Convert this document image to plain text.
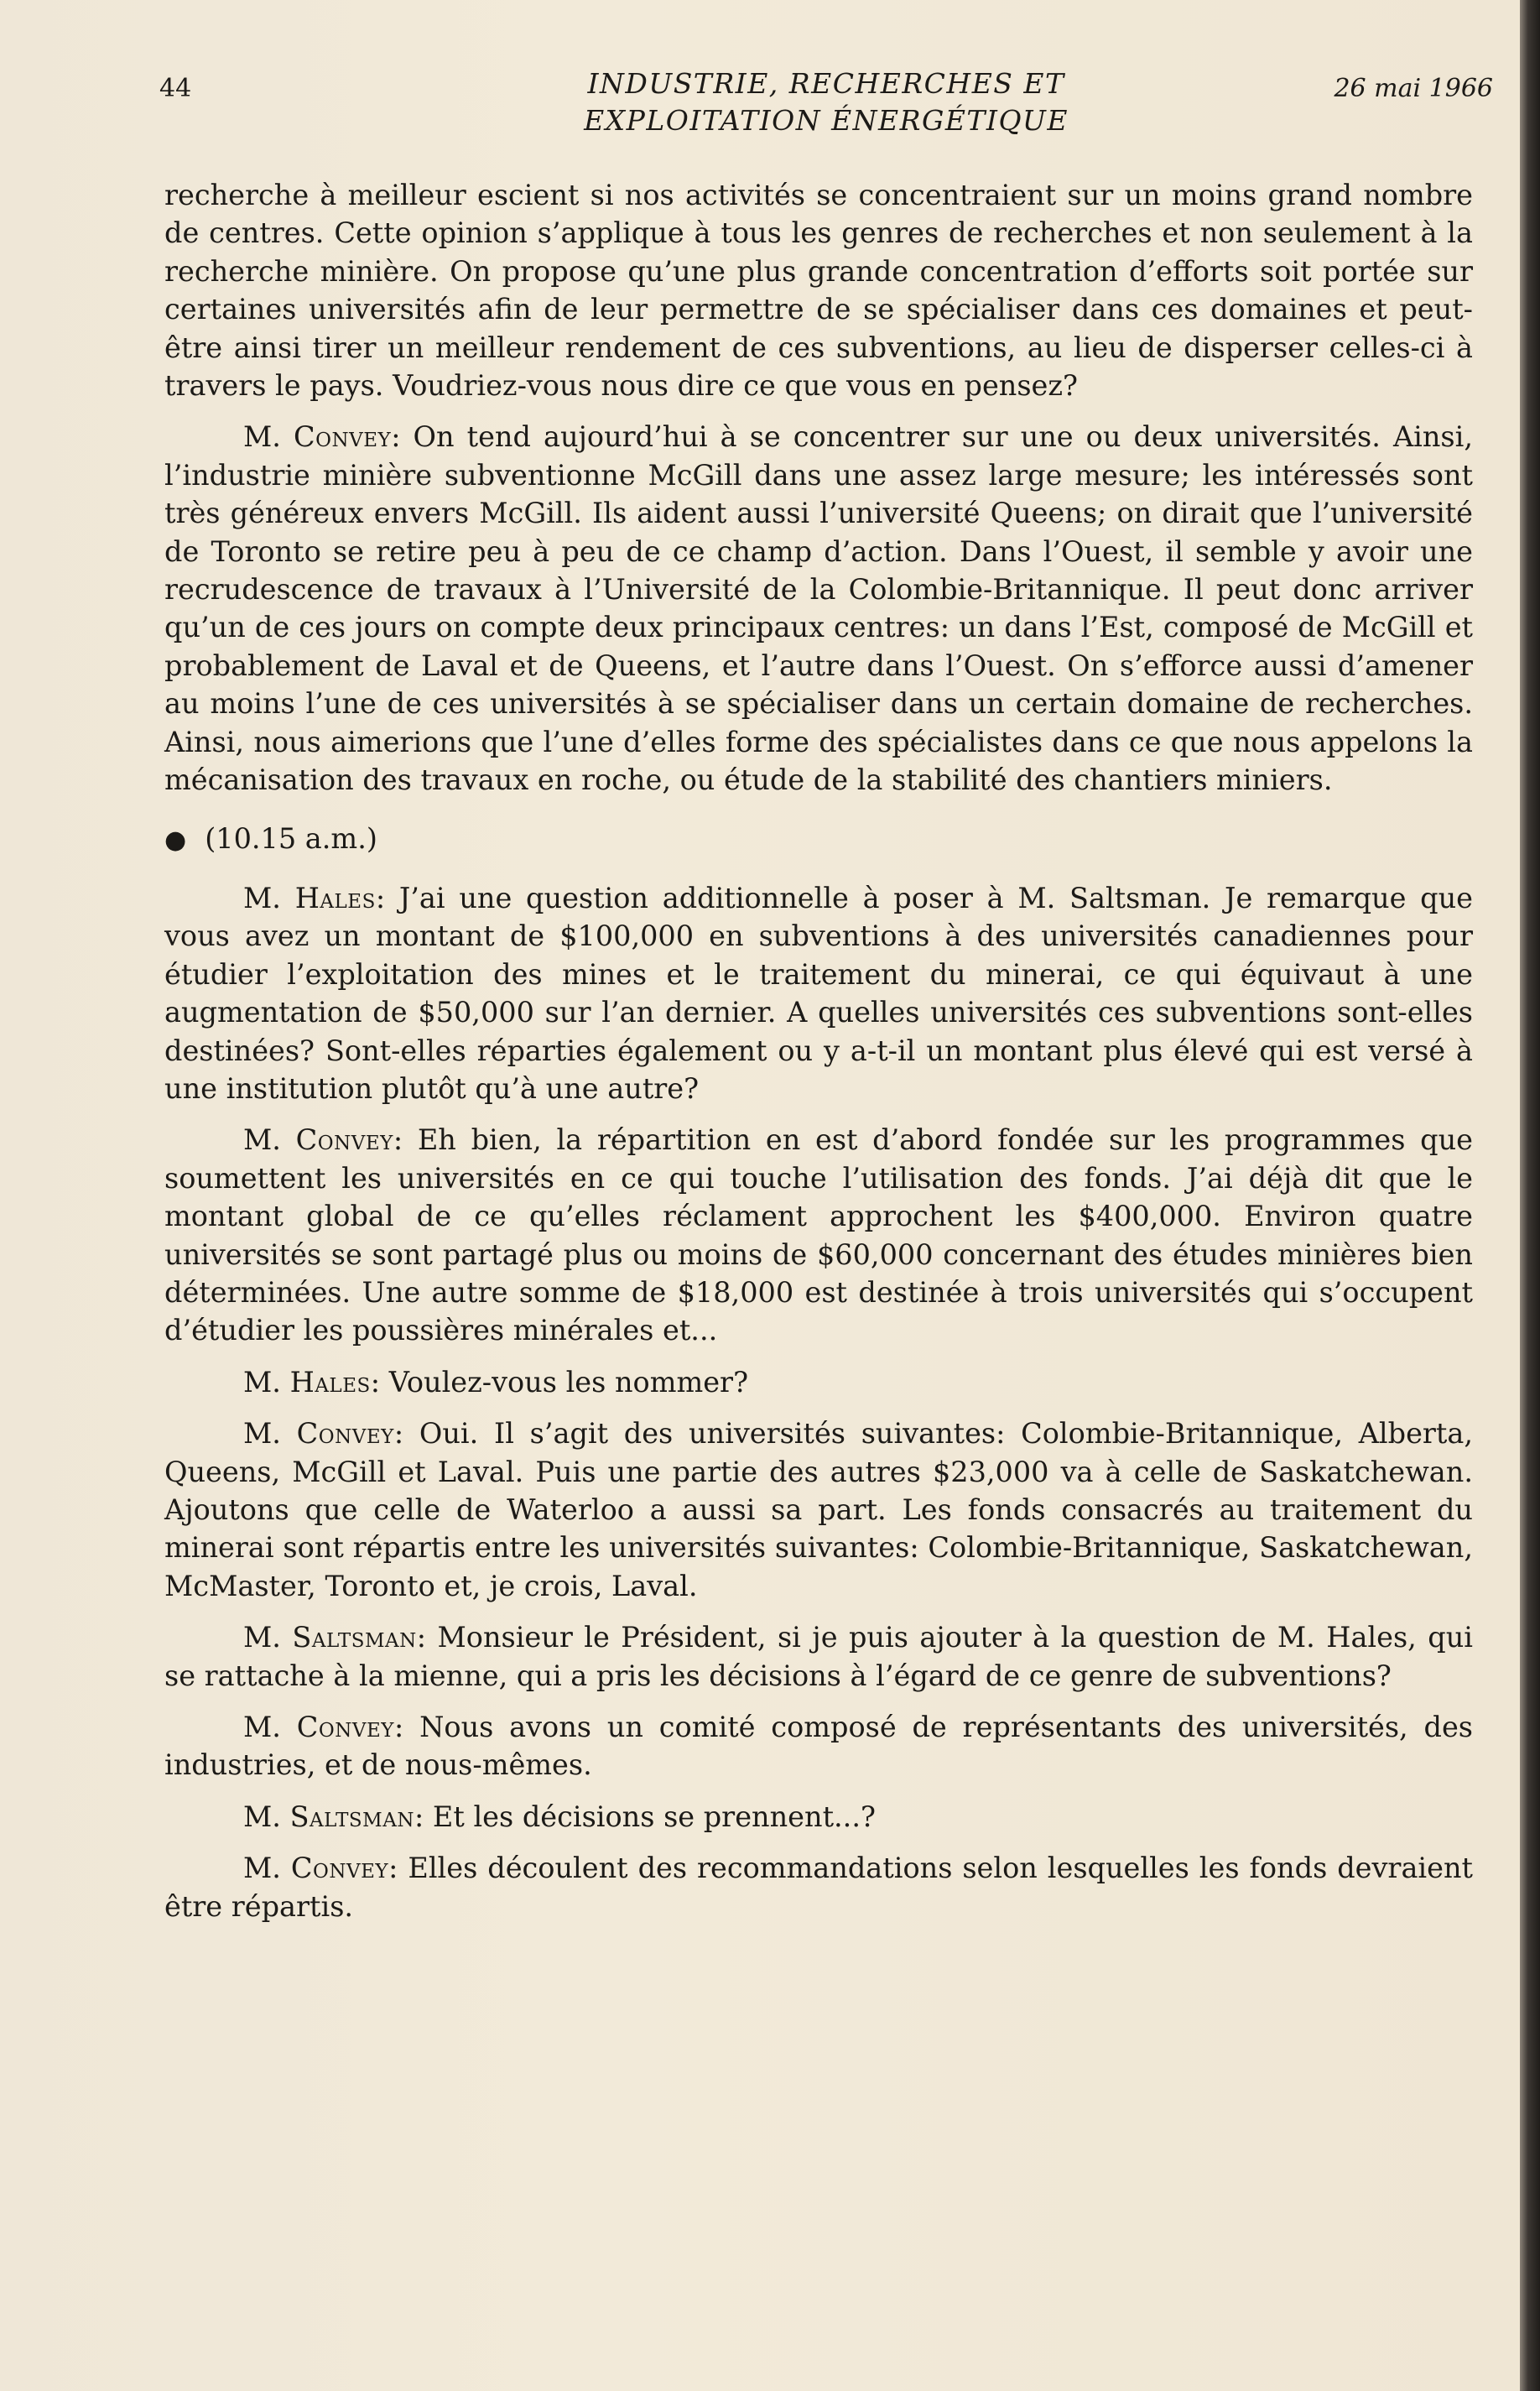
44	INDUSTRIE, RECHERCHES ET
EXPLOITATION ÉNERGÉTIQUE
26 mai 1966

recherche à meilleur escient si nos activités se concentraient sur un moins grand nombre de centres. Cette opinion s’applique à tous les genres de recherches et non seulement à la recherche minière. On propose qu’une plus grande concentration d’efforts soit portée sur certaines universités afin de leur permettre de se spécialiser dans ces domaines et peut-être ainsi tirer un meilleur rendement de ces subventions, au lieu de disperser celles-ci à travers le pays. Voudriez-vous nous dire ce que vous en pensez?

M. Convey: On tend aujourd’hui à se concentrer sur une ou deux universités. Ainsi, l’industrie minière subventionne McGill dans une assez large mesure; les intéressés sont très généreux envers McGill. Ils aident aussi l’université Queens; on dirait que l’université de Toronto se retire peu à peu de ce champ d’action. Dans l’Ouest, il semble y avoir une recrudescence de travaux à l’Université de la Colombie-Britannique. Il peut donc arriver qu’un de ces jours on compte deux principaux centres: un dans l’Est, composé de McGill et probablement de Laval et de Queens, et l’autre dans l’Ouest. On s’efforce aussi d’amener au moins l’une de ces universités à se spécialiser dans un certain domaine de recherches. Ainsi, nous aimerions que l’une d’elles forme des spécialistes dans ce que nous appelons la mécanisation des travaux en roche, ou étude de la stabilité des chantiers miniers.

● (10.15 a.m.)

M. Hales: J’ai une question additionnelle à poser à M. Saltsman. Je remarque que vous avez un montant de $100,000 en subventions à des universités canadiennes pour étudier l’exploitation des mines et le traitement du minerai, ce qui équivaut à une augmentation de $50,000 sur l’an dernier. A quelles universités ces subventions sont-elles destinées? Sont-elles réparties également ou y a-t-il un montant plus élevé qui est versé à une institution plutôt qu’à une autre?

M. Convey: Eh bien, la répartition en est d’abord fondée sur les programmes que soumettent les universités en ce qui touche l’utilisation des fonds. J’ai déjà dit que le montant global de ce qu’elles réclament approchent les $400,000. Environ quatre universités se sont partagé plus ou moins de $60,000 concernant des études minières bien déterminées. Une autre somme de $18,000 est destinée à trois universités qui s’occupent d’étudier les poussières minérales et...

M. Hales: Voulez-vous les nommer?

M. Convey: Oui. Il s’agit des universités suivantes: Colombie-Britannique, Alberta, Queens, McGill et Laval. Puis une partie des autres $23,000 va à celle de Saskatchewan. Ajoutons que celle de Waterloo a aussi sa part. Les fonds consacrés au traitement du minerai sont répartis entre les universités suivantes: Colombie-Britannique, Saskatchewan, McMaster, Toronto et, je crois, Laval.

M. Saltsman: Monsieur le Président, si je puis ajouter à la question de M. Hales, qui se rattache à la mienne, qui a pris les décisions à l’égard de ce genre de subventions?

M. Convey: Nous avons un comité composé de représentants des universités, des industries, et de nous-mêmes.

M. Saltsman: Et les décisions se prennent...?

M. Convey: Elles découlent des recommandations selon lesquelles les fonds devraient être répartis.
